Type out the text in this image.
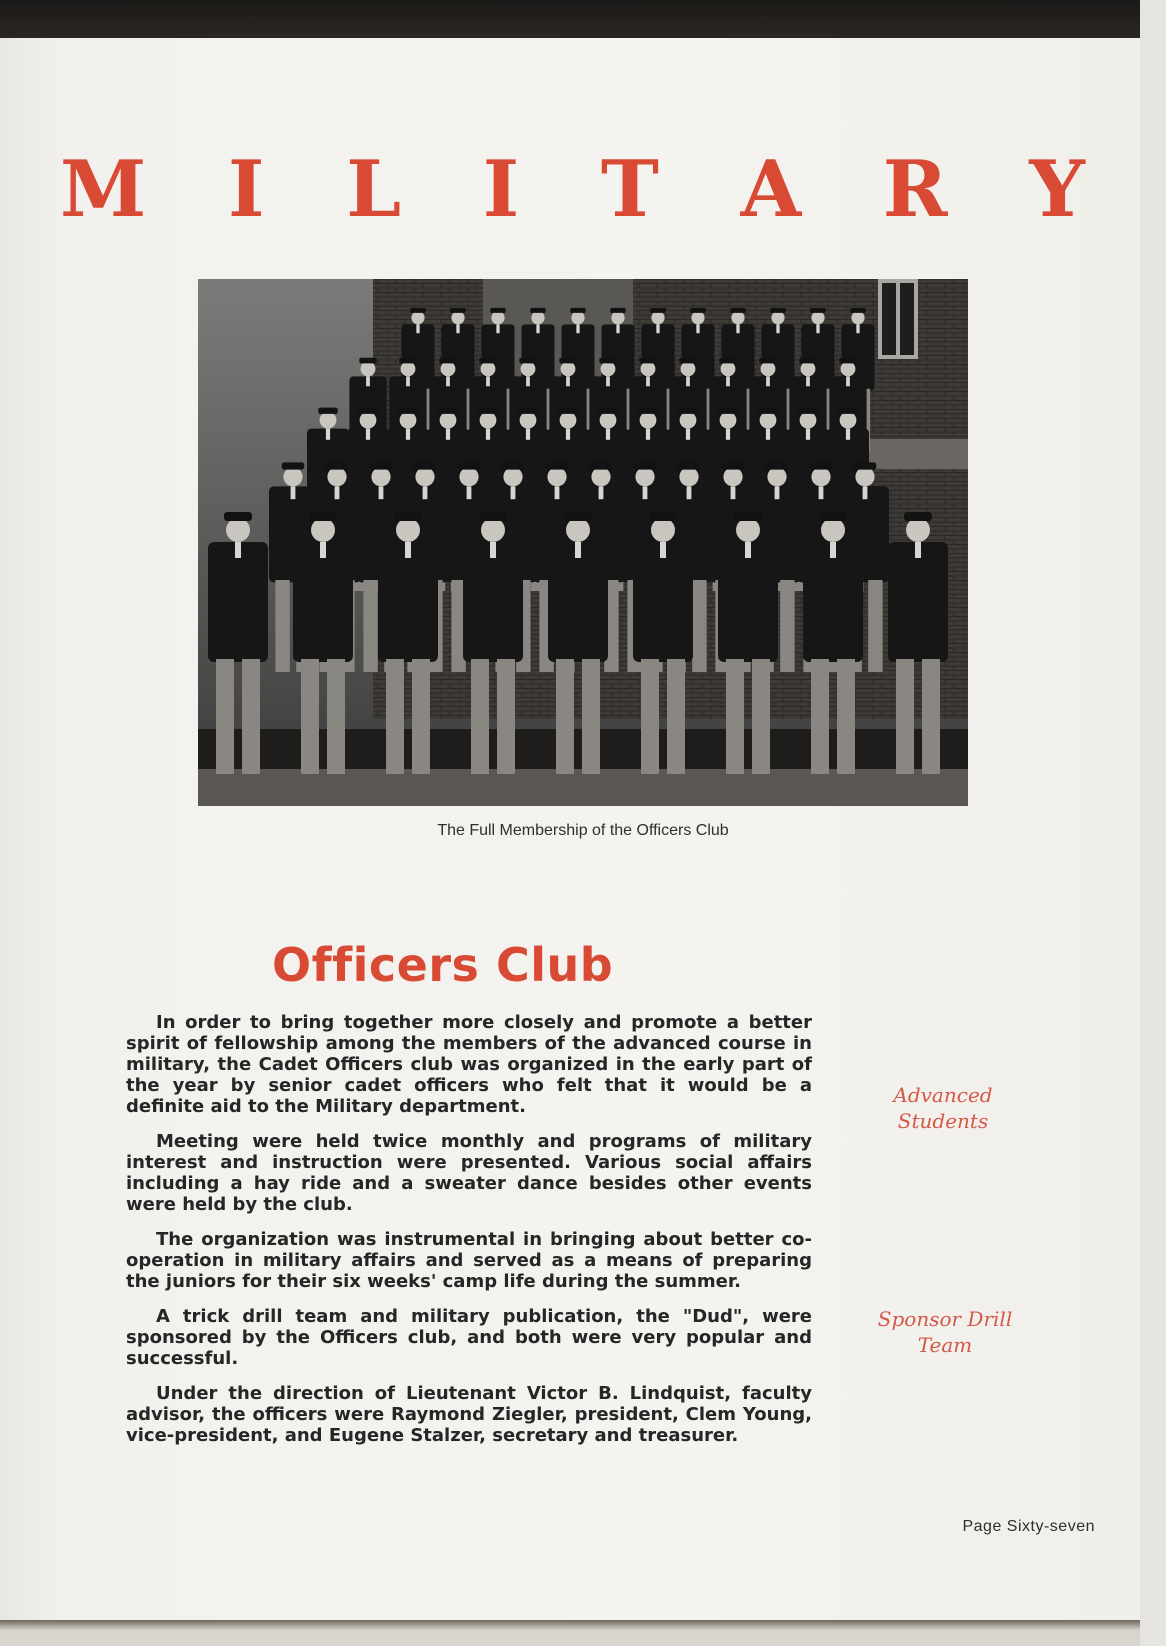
M I L I T A R Y
The Full Membership of the Officers Club
Officers Club

In order to bring together more closely and promote a better spirit of fellowship among the members of the advanced course in military, the Cadet Officers club was organized in the early part of the year by senior cadet officers who felt that it would be a definite aid to the Military department.

Meeting were held twice monthly and programs of military interest and instruction were presented. Various social affairs including a hay ride and a sweater dance besides other events were held by the club.

The organization was instrumental in bringing about better co-operation in military affairs and served as a means of preparing the juniors for their six weeks' camp life during the summer.

A trick drill team and military publication, the "Dud", were sponsored by the Officers club, and both were very popular and successful.

Under the direction of Lieutenant Victor B. Lindquist, faculty advisor, the officers were Raymond Ziegler, president, Clem Young, vice-president, and Eugene Stalzer, secretary and treasurer.

Advanced
Students
Sponsor Drill
Team
Page Sixty-seven
